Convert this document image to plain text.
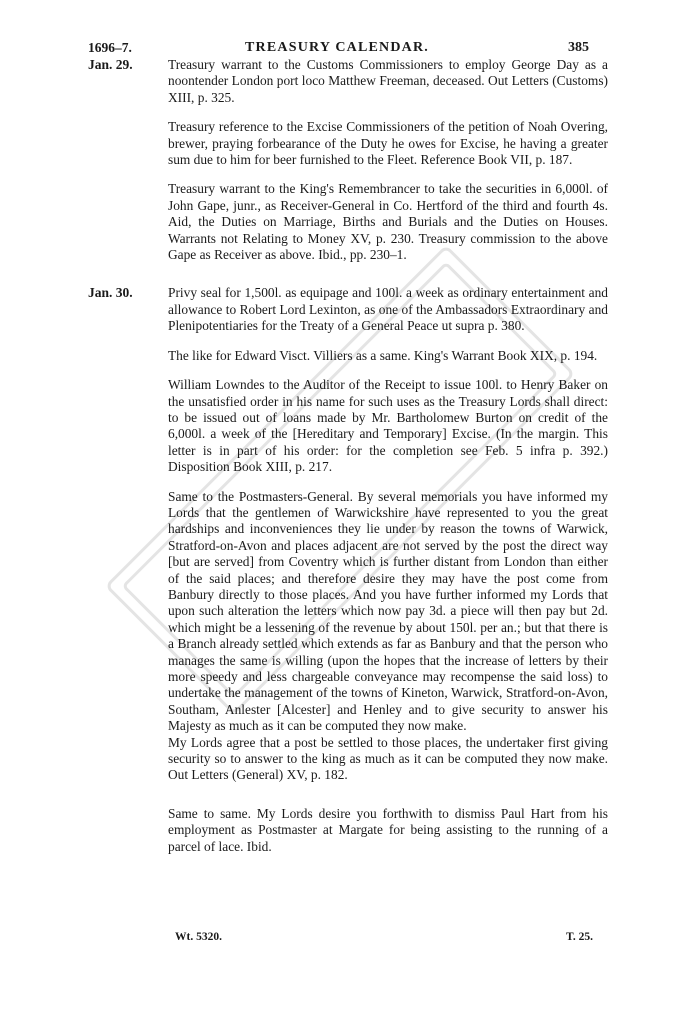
1696–7.	TREASURY CALENDAR.	385
Jan. 29.	Treasury warrant to the Customs Commissioners to employ George Day as a noontender London port loco Matthew Freeman, deceased. Out Letters (Customs) XIII, p. 325.

Treasury reference to the Excise Commissioners of the petition of Noah Overing, brewer, praying forbearance of the Duty he owes for Excise, he having a greater sum due to him for beer furnished to the Fleet. Reference Book VII, p. 187.

Treasury warrant to the King's Remembrancer to take the securities in 6,000l. of John Gape, junr., as Receiver-General in Co. Hertford of the third and fourth 4s. Aid, the Duties on Marriage, Births and Burials and the Duties on Houses. Warrants not Relating to Money XV, p. 230. Treasury commission to the above Gape as Receiver as above. Ibid., pp. 230–1.

Jan. 30.	Privy seal for 1,500l. as equipage and 100l. a week as ordinary entertainment and allowance to Robert Lord Lexinton, as one of the Ambassadors Extraordinary and Plenipotentiaries for the Treaty of a General Peace ut supra p. 380.

The like for Edward Visct. Villiers as a same. King's Warrant Book XIX, p. 194.

William Lowndes to the Auditor of the Receipt to issue 100l. to Henry Baker on the unsatisfied order in his name for such uses as the Treasury Lords shall direct: to be issued out of loans made by Mr. Bartholomew Burton on credit of the 6,000l. a week of the [Hereditary and Temporary] Excise. (In the margin. This letter is in part of his order: for the completion see Feb. 5 infra p. 392.) Disposition Book XIII, p. 217.

Same to the Postmasters-General. By several memorials you have informed my Lords that the gentlemen of Warwickshire have represented to you the great hardships and inconveniences they lie under by reason the towns of Warwick, Stratford-on-Avon and places adjacent are not served by the post the direct way [but are served] from Coventry which is further distant from London than either of the said places; and therefore desire they may have the post come from Banbury directly to those places. And you have further informed my Lords that upon such alteration the letters which now pay 3d. a piece will then pay but 2d. which might be a lessening of the revenue by about 150l. per an.; but that there is a Branch already settled which extends as far as Banbury and that the person who manages the same is willing (upon the hopes that the increase of letters by their more speedy and less chargeable conveyance may recompense the said loss) to undertake the management of the towns of Kineton, Warwick, Stratford-on-Avon, Southam, Anlester [Alcester] and Henley and to give security to answer his Majesty as much as it can be computed they now make.

My Lords agree that a post be settled to those places, the undertaker first giving security so to answer to the king as much as it can be computed they now make. Out Letters (General) XV, p. 182.

Same to same. My Lords desire you forthwith to dismiss Paul Hart from his employment as Postmaster at Margate for being assisting to the running of a parcel of lace. Ibid.

Wt. 5320.	T. 25.
